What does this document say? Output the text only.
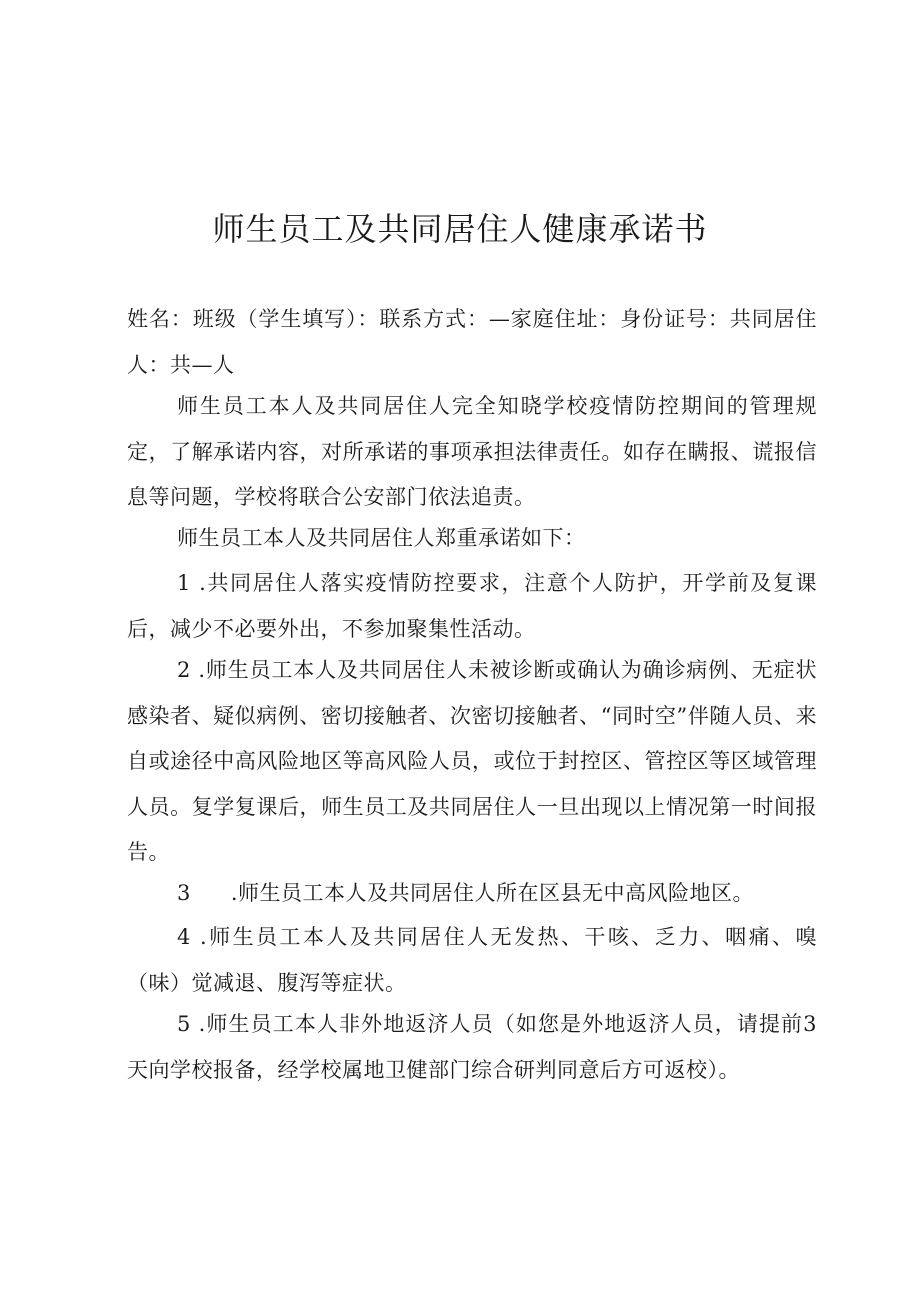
师生员工及共同居住人健康承诺书

姓名：班级（学生填写）：联系方式：—家庭住址：身份证号：共同居住人：共—人

师生员工本人及共同居住人完全知晓学校疫情防控期间的管理规定，了解承诺内容，对所承诺的事项承担法律责任。如存在瞒报、谎报信息等问题，学校将联合公安部门依法追责。

师生员工本人及共同居住人郑重承诺如下：

1 .共同居住人落实疫情防控要求，注意个人防护，开学前及复课后，减少不必要外出，不参加聚集性活动。

2 .师生员工本人及共同居住人未被诊断或确认为确诊病例、无症状感染者、疑似病例、密切接触者、次密切接触者、“同时空”伴随人员、来自或途径中高风险地区等高风险人员，或位于封控区、管控区等区域管理人员。复学复课后，师生员工及共同居住人一旦出现以上情况第一时间报告。

3 .师生员工本人及共同居住人所在区县无中高风险地区。

4 .师生员工本人及共同居住人无发热、干咳、乏力、咽痛、嗅（味）觉减退、腹泻等症状。

5 .师生员工本人非外地返济人员（如您是外地返济人员，请提前3天向学校报备，经学校属地卫健部门综合研判同意后方可返校）。
